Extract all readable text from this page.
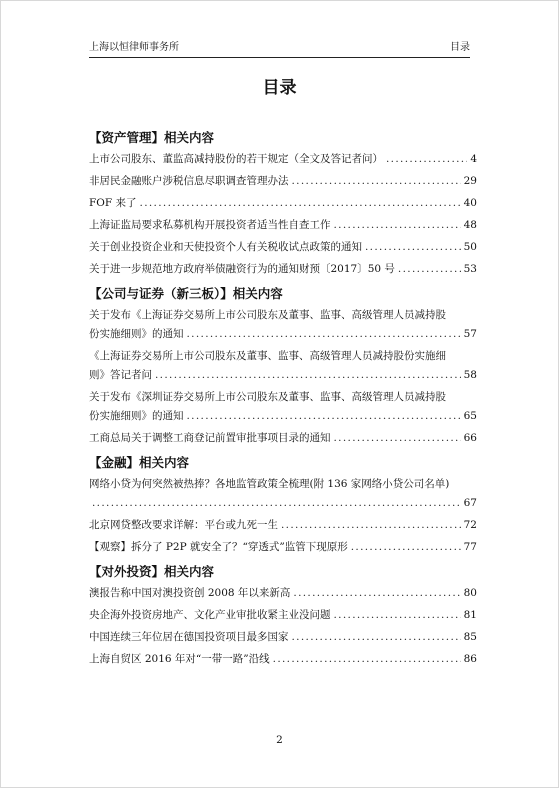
上海以恒律师事务所	目录
目录
【资产管理】相关内容
上市公司股东、董监高减持股份的若干规定（全文及答记者问） . . .	4
非居民金融账户涉税信息尽职调查管理办法 . . .	29
FOF 来了 . . .	40
上海证监局要求私募机构开展投资者适当性自查工作 . . .	48
关于创业投资企业和天使投资个人有关税收试点政策的通知 . . .	50
关于进一步规范地方政府举债融资行为的通知财预〔2017〕50 号 . . .	53
【公司与证券（新三板）】相关内容
关于发布《上海证券交易所上市公司股东及董事、监事、高级管理人员减持股
份实施细则》的通知 . . .	57
《上海证券交易所上市公司股东及董事、监事、高级管理人员减持股份实施细
则》答记者问 . . .	58
关于发布《深圳证券交易所上市公司股东及董事、监事、高级管理人员减持股
份实施细则》的通知 . . .	65
工商总局关于调整工商登记前置审批事项目录的通知 . . .	66
【金融】相关内容
网络小贷为何突然被热捧？各地监管政策全梳理(附 136 家网络小贷公司名单)
. . .
67
北京网贷整改要求详解：平台或九死一生 . . .	72
【观察】拆分了 P2P 就安全了？“穿透式”监管下现原形 . . .	77
【对外投资】相关内容
澳报告称中国对澳投资创 2008 年以来新高 . . .	80
央企海外投资房地产、文化产业审批收紧主业没问题 . . .	81
中国连续三年位居在德国投资项目最多国家 . . .	85
上海自贸区 2016 年对“一带一路”沿线 . . .	86
2
